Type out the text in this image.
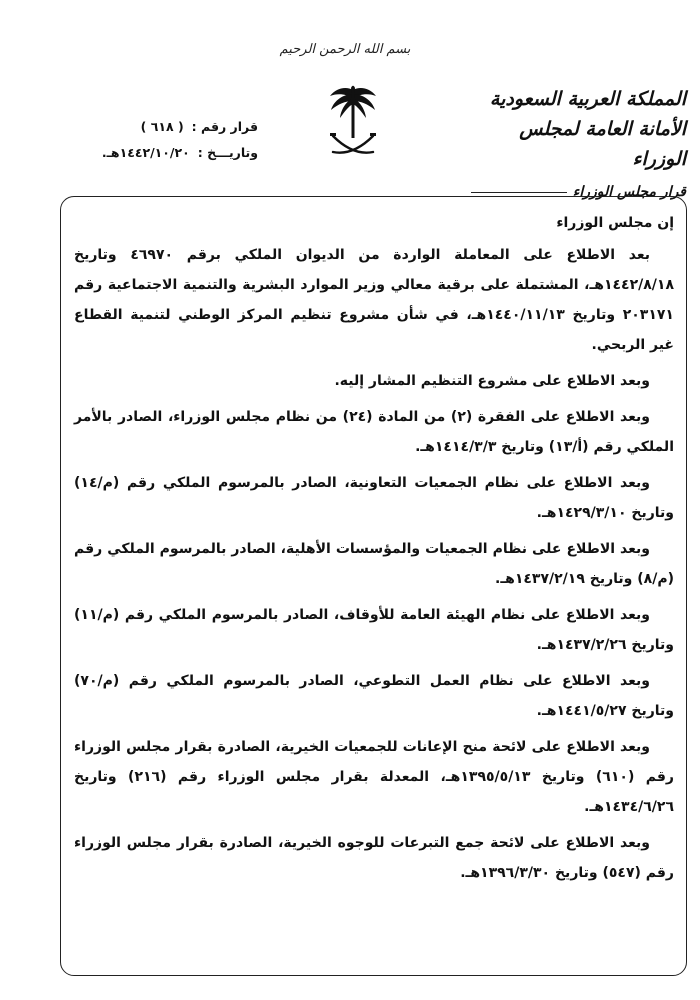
بسم الله الرحمن الرحيم
المملكة العربية السعودية
الأمانة العامة لمجلس الوزراء
قرار مجلس الوزراء
قرار رقم :( ٦١٨ )
وتاريـــخ :١٤٤٢/١٠/٢٠هـ.

إن مجلس الوزراء

بعد الاطلاع على المعاملة الواردة من الديوان الملكي برقم ٤٦٩٧٠ وتاريخ ١٤٤٢/٨/١٨هـ، المشتملة على برقية معالي وزير الموارد البشرية والتنمية الاجتماعية رقم ٢٠٣١٧١ وتاريخ ١٤٤٠/١١/١٣هـ، في شأن مشروع تنظيم المركز الوطني لتنمية القطاع غير الربحي.

وبعد الاطلاع على مشروع التنظيم المشار إليه.

وبعد الاطلاع على الفقرة (٢) من المادة (٢٤) من نظام مجلس الوزراء، الصادر بالأمر الملكي رقم (أ/١٣) وتاريخ ١٤١٤/٣/٣هـ.

وبعد الاطلاع على نظام الجمعيات التعاونية، الصادر بالمرسوم الملكي رقم (م/١٤) وتاريخ ١٤٢٩/٣/١٠هـ.

وبعد الاطلاع على نظام الجمعيات والمؤسسات الأهلية، الصادر بالمرسوم الملكي رقم (م/٨) وتاريخ ١٤٣٧/٢/١٩هـ.

وبعد الاطلاع على نظام الهيئة العامة للأوقاف، الصادر بالمرسوم الملكي رقم (م/١١) وتاريخ ١٤٣٧/٢/٢٦هـ.

وبعد الاطلاع على نظام العمل التطوعي، الصادر بالمرسوم الملكي رقم (م/٧٠) وتاريخ ١٤٤١/٥/٢٧هـ.

وبعد الاطلاع على لائحة منح الإعانات للجمعيات الخيرية، الصادرة بقرار مجلس الوزراء رقم (٦١٠) وتاريخ ١٣٩٥/٥/١٣هـ، المعدلة بقرار مجلس الوزراء رقم (٢١٦) وتاريخ ١٤٣٤/٦/٢٦هـ.

وبعد الاطلاع على لائحة جمع التبرعات للوجوه الخيرية، الصادرة بقرار مجلس الوزراء رقم (٥٤٧) وتاريخ ١٣٩٦/٣/٣٠هـ.
